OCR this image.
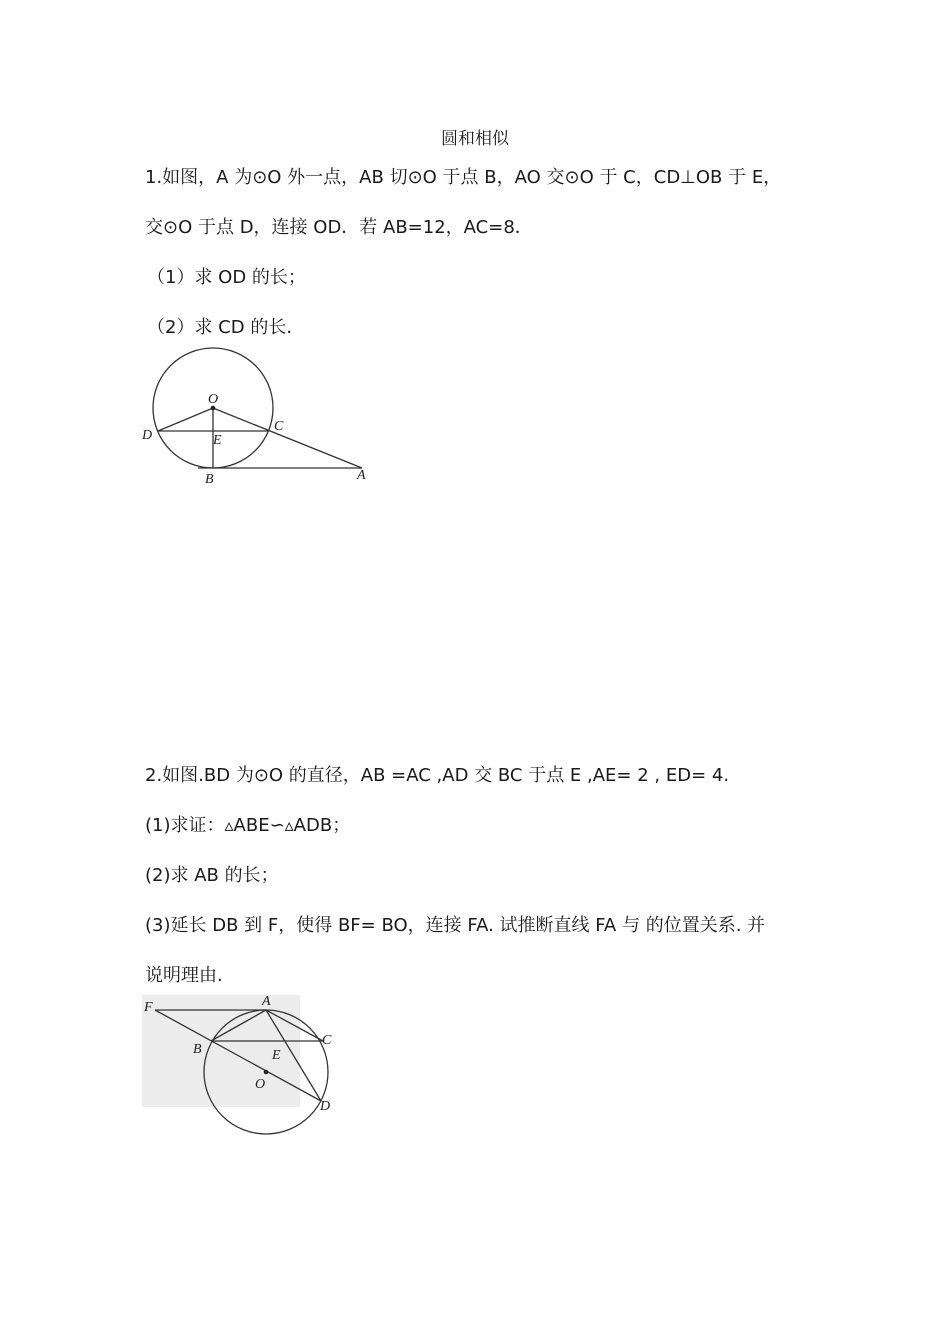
圆和相似
1.如图，A 为⊙O 外一点，AB 切⊙O 于点 B，AO 交⊙O 于 C，CD⊥OB 于 E，
交⊙O 于点 D，连接 OD．若 AB=12，AC=8．
（1）求 OD 的长；
（2）求 CD 的长．
O
C
D	E
B	A
2.如图.BD 为⊙O 的直径，AB =AC ,AD 交 BC 于点 E ,AE= 2 , ED= 4.
(1)求证：▵ABE∽▵ADB；
(2)求 AB 的长；
(3)延长 DB 到 F，使得 BF= BO，连接 FA. 试推断直线 FA 与 的位置关系. 并
说明理由.
F	A
C
B	E
O
D
